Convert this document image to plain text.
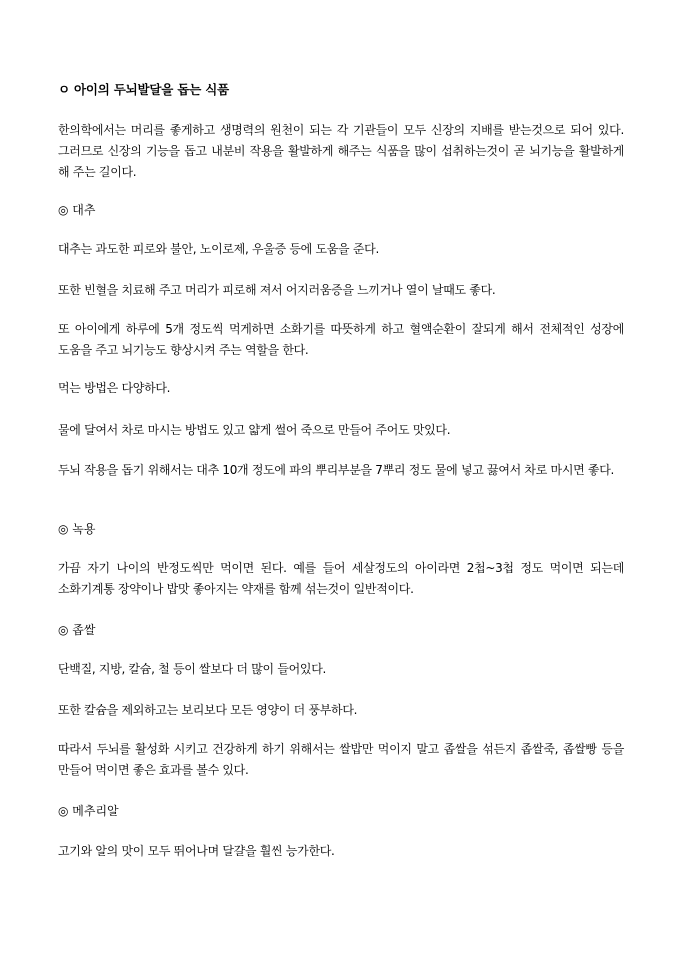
ㅇ 아이의 두뇌발달을 돕는 식품
한의학에서는 머리를 좋게하고 생명력의 원천이 되는 각 기관들이 모두 신장의 지배를 받는것으로 되어 있다. 그러므로 신장의 기능을 돕고 내분비 작용을 활발하게 해주는 식품을 많이 섭취하는것이 곧 뇌기능을 활발하게 해 주는 길이다.
◎ 대추
대추는 과도한 피로와 불안, 노이로제, 우울증 등에 도움을 준다.
또한 빈혈을 치료해 주고 머리가 피로해 져서 어지러움증을 느끼거나 열이 날때도 좋다.
또 아이에게 하루에 5개 정도씩 먹게하면 소화기를 따뜻하게 하고 혈액순환이 잘되게 해서 전체적인 성장에 도움을 주고 뇌기능도 향상시켜 주는 역할을 한다.
먹는 방법은 다양하다.
물에 달여서 차로 마시는 방법도 있고 얇게 썰어 죽으로 만들어 주어도 맛있다.
두뇌 작용을 돕기 위해서는 대추 10개 정도에 파의 뿌리부분을 7뿌리 정도 물에 넣고 끓여서 차로 마시면 좋다.
◎ 녹용
가끔 자기 나이의 반정도씩만 먹이면 된다. 예를 들어 세살정도의 아이라면 2첩~3첩 정도 먹이면 되는데 소화기계통 장약이나 밥맛 좋아지는 약재를 함께 섞는것이 일반적이다.
◎ 좁쌀
단백질, 지방, 칼슘, 철 등이 쌀보다 더 많이 들어있다.
또한 칼슘을 제외하고는 보리보다 모든 영양이 더 풍부하다.
따라서 두뇌를 활성화 시키고 건강하게 하기 위해서는 쌀밥만 먹이지 말고 좁쌀을 섞든지 좁쌀죽, 좁쌀빵 등을 만들어 먹이면 좋은 효과를 볼수 있다.
◎ 메추리알
고기와 알의 맛이 모두 뛰어나며 달걀을 훨씬 능가한다.
